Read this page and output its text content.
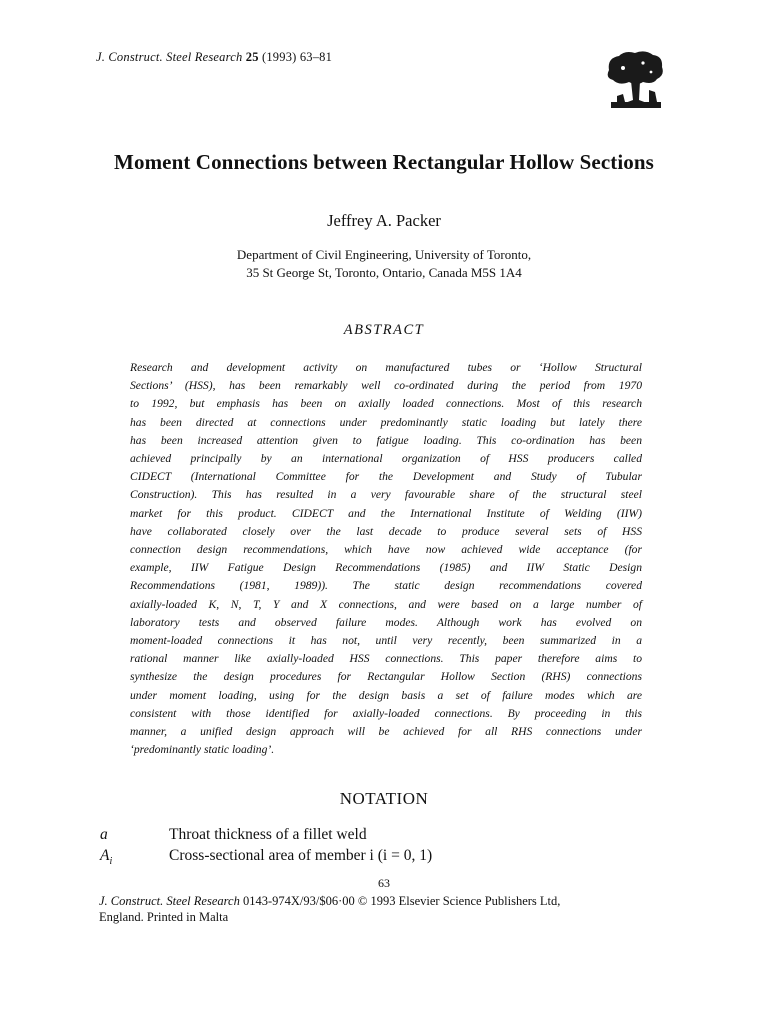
J. Construct. Steel Research 25 (1993) 63–81
Moment Connections between Rectangular Hollow Sections
Jeffrey A. Packer
Department of Civil Engineering, University of Toronto,
35 St George St, Toronto, Ontario, Canada M5S 1A4
ABSTRACT
Research and development activity on manufactured tubes or ‘Hollow Structural
Sections’ (HSS), has been remarkably well co-ordinated during the period from 1970
to 1992, but emphasis has been on axially loaded connections. Most of this research
has been directed at connections under predominantly static loading but lately there
has been increased attention given to fatigue loading. This co-ordination has been
achieved principally by an international organization of HSS producers called
CIDECT (International Committee for the Development and Study of Tubular
Construction). This has resulted in a very favourable share of the structural steel
market for this product. CIDECT and the International Institute of Welding (IIW)
have collaborated closely over the last decade to produce several sets of HSS
connection design recommendations, which have now achieved wide acceptance (for
example, IIW Fatigue Design Recommendations (1985) and IIW Static Design
Recommendations (1981, 1989)). The static design recommendations covered
axially-loaded K, N, T, Y and X connections, and were based on a large number of
laboratory tests and observed failure modes. Although work has evolved on
moment-loaded connections it has not, until very recently, been summarized in a
rational manner like axially-loaded HSS connections. This paper therefore aims to
synthesize the design procedures for Rectangular Hollow Section (RHS) connections
under moment loading, using for the design basis a set of failure modes which are
consistent with those identified for axially-loaded connections. By proceeding in this
manner, a unified design approach will be achieved for all RHS connections under
‘predominantly static loading’.
NOTATION
a	Throat thickness of a fillet weld
$A_i$	Cross-sectional area of member i (i = 0, 1)
63
J. Construct. Steel Research 0143-974X/93/$06·00 © 1993 Elsevier Science Publishers Ltd,
England. Printed in Malta
